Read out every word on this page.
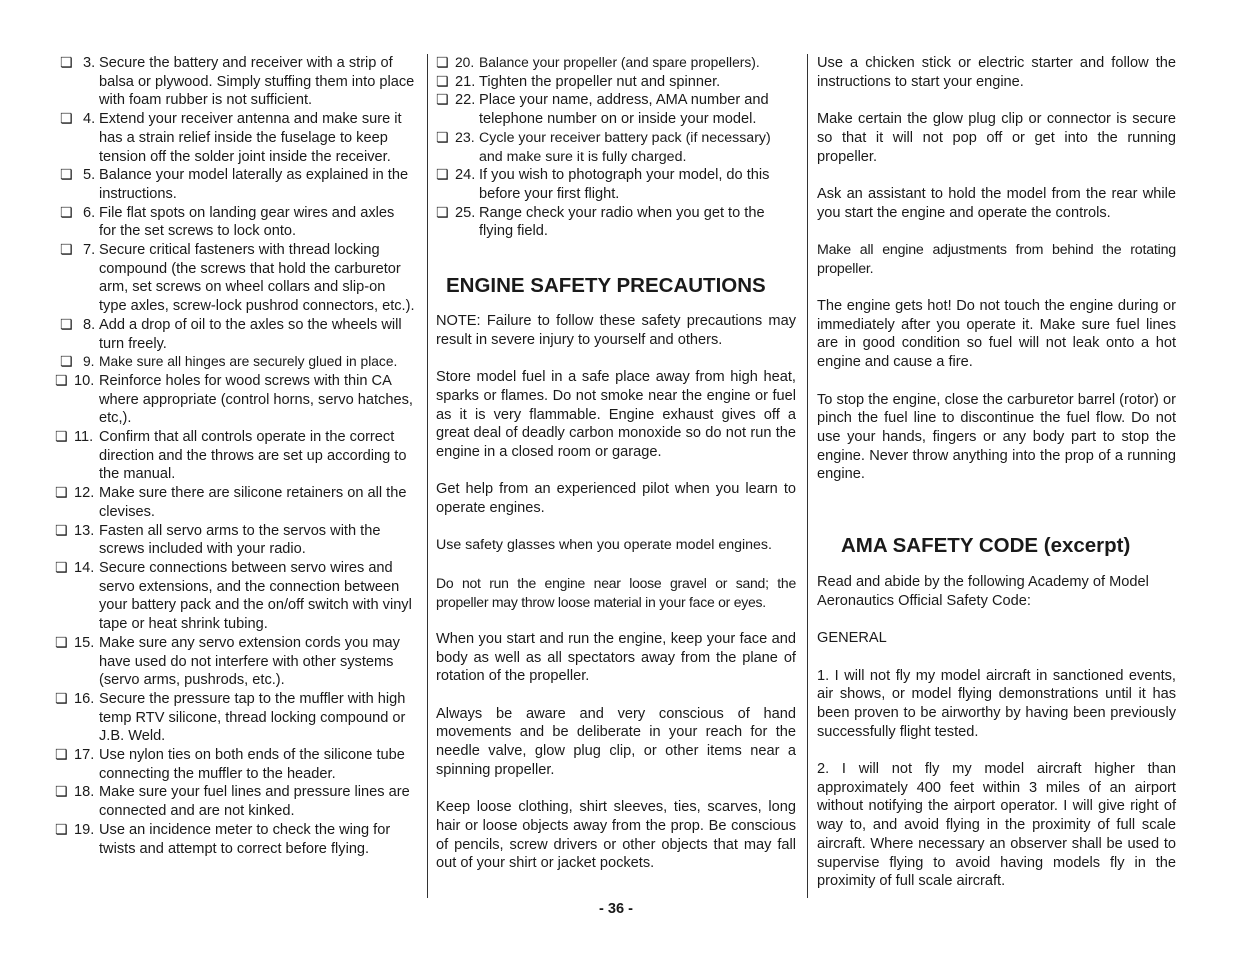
❏ 3. Secure the battery and receiver with a strip of balsa or plywood. Simply stuffing them into place with foam rubber is not sufficient.
❏ 4. Extend your receiver antenna and make sure it has a strain relief inside the fuselage to keep tension off the solder joint inside the receiver.
❏ 5. Balance your model laterally as explained in the instructions.
❏ 6. File flat spots on landing gear wires and axles for the set screws to lock onto.
❏ 7. Secure critical fasteners with thread locking compound (the screws that hold the carburetor arm, set screws on wheel collars and slip-on type axles, screw-lock pushrod connectors, etc.).
❏ 8. Add a drop of oil to the axles so the wheels will turn freely.
❏ 9. Make sure all hinges are securely glued in place.
❏ 10. Reinforce holes for wood screws with thin CA where appropriate (control horns, servo hatches, etc,).
❏ 11. Confirm that all controls operate in the correct direction and the throws are set up according to the manual.
❏ 12. Make sure there are silicone retainers on all the clevises.
❏ 13. Fasten all servo arms to the servos with the screws included with your radio.
❏ 14. Secure connections between servo wires and servo extensions, and the connection between your battery pack and the on/off switch with vinyl tape or heat shrink tubing.
❏ 15. Make sure any servo extension cords you may have used do not interfere with other systems (servo arms, pushrods, etc.).
❏ 16. Secure the pressure tap to the muffler with high temp RTV silicone, thread locking compound or J.B. Weld.
❏ 17. Use nylon ties on both ends of the silicone tube connecting the muffler to the header.
❏ 18. Make sure your fuel lines and pressure lines are connected and are not kinked.
❏ 19. Use an incidence meter to check the wing for twists and attempt to correct before flying.
❏ 20. Balance your propeller (and spare propellers).
❏ 21. Tighten the propeller nut and spinner.
❏ 22. Place your name, address, AMA number and telephone number on or inside your model.
❏ 23. Cycle your receiver battery pack (if necessary) and make sure it is fully charged.
❏ 24. If you wish to photograph your model, do this before your first flight.
❏ 25. Range check your radio when you get to the flying field.
ENGINE SAFETY PRECAUTIONS

NOTE: Failure to follow these safety precautions may result in severe injury to yourself and others.

Store model fuel in a safe place away from high heat, sparks or flames. Do not smoke near the engine or fuel as it is very flammable. Engine exhaust gives off a great deal of deadly carbon monoxide so do not run the engine in a closed room or garage.

Get help from an experienced pilot when you learn to operate engines.

Use safety glasses when you operate model engines.

Do not run the engine near loose gravel or sand; the propeller may throw loose material in your face or eyes.

When you start and run the engine, keep your face and body as well as all spectators away from the plane of rotation of the propeller.

Always be aware and very conscious of hand movements and be deliberate in your reach for the needle valve, glow plug clip, or other items near a spinning propeller.

Keep loose clothing, shirt sleeves, ties, scarves, long hair or loose objects away from the prop. Be conscious of pencils, screw drivers or other objects that may fall out of your shirt or jacket pockets.

Use a chicken stick or electric starter and follow the instructions to start your engine.

Make certain the glow plug clip or connector is secure so that it will not pop off or get into the running propeller.

Ask an assistant to hold the model from the rear while you start the engine and operate the controls.

Make all engine adjustments from behind the rotating propeller.

The engine gets hot! Do not touch the engine during or immediately after you operate it. Make sure fuel lines are in good condition so fuel will not leak onto a hot engine and cause a fire.

To stop the engine, close the carburetor barrel (rotor) or pinch the fuel line to discontinue the fuel flow. Do not use your hands, fingers or any body part to stop the engine. Never throw anything into the prop of a running engine.

AMA SAFETY CODE (excerpt)

Read and abide by the following Academy of Model Aeronautics Official Safety Code:

GENERAL

1. I will not fly my model aircraft in sanctioned events, air shows, or model flying demonstrations until it has been proven to be airworthy by having been previously successfully flight tested.

2. I will not fly my model aircraft higher than approximately 400 feet within 3 miles of an airport without notifying the airport operator. I will give right of way to, and avoid flying in the proximity of full scale aircraft. Where necessary an observer shall be used to supervise flying to avoid having models fly in the proximity of full scale aircraft.

- 36 -
